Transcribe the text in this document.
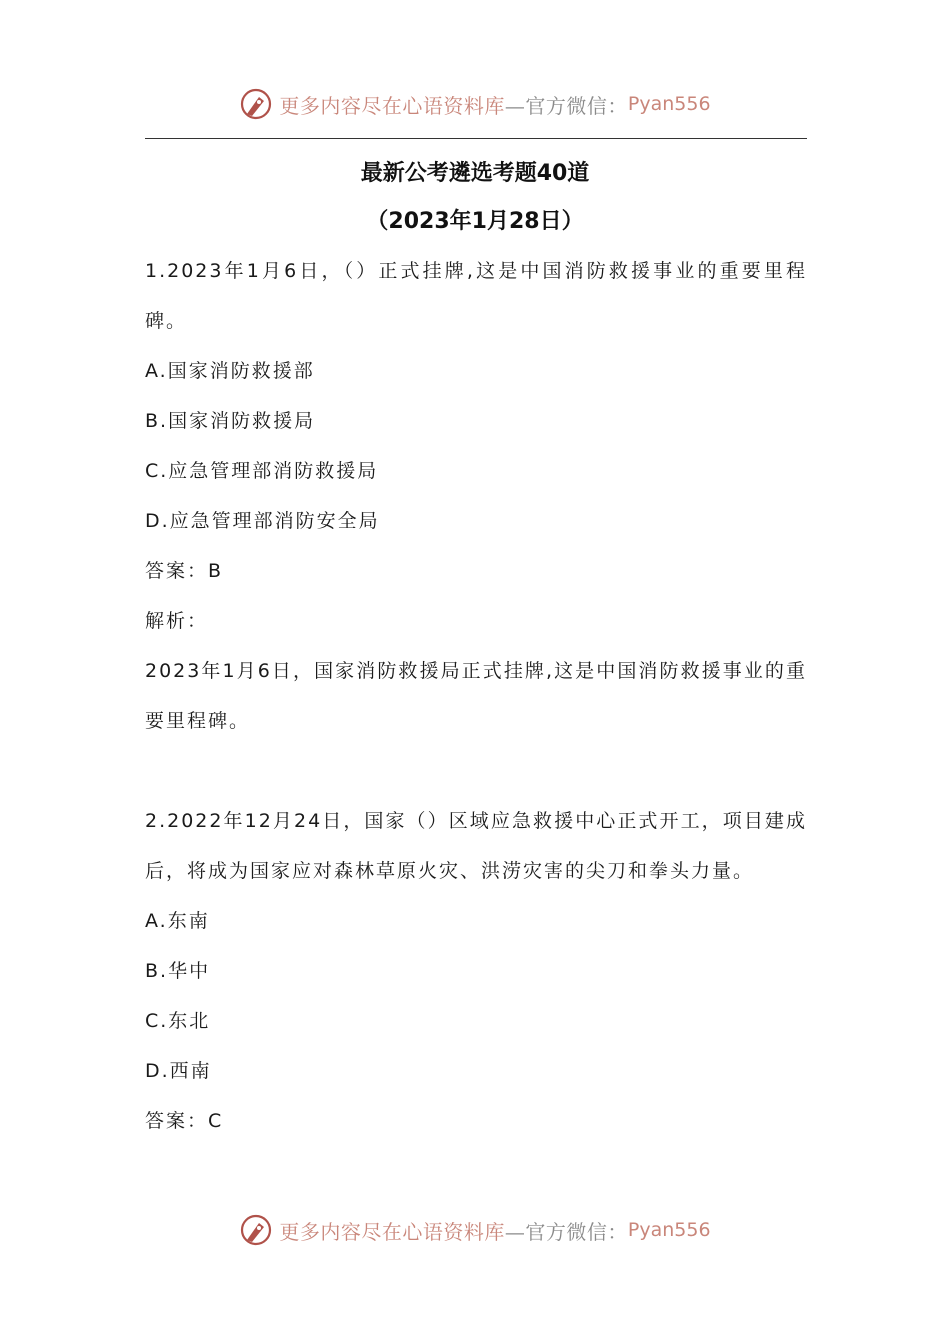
更多内容尽在心语资料库 —官方微信： Pyan556
最新公考遴选考题40道
（2023年1月28日）
1.2023年1月6日，（）正式挂牌,这是中国消防救援事业的重要里程碑。
A.国家消防救援部
B.国家消防救援局
C.应急管理部消防救援局
D.应急管理部消防安全局
答案：B
解析：
2023年1月6日，国家消防救援局正式挂牌,这是中国消防救援事业的重要里程碑。
2.2022年12月24日，国家（）区域应急救援中心正式开工，项目建成后，将成为国家应对森林草原火灾、洪涝灾害的尖刀和拳头力量。
A.东南
B.华中
C.东北
D.西南
答案：C
更多内容尽在心语资料库 —官方微信： Pyan556
